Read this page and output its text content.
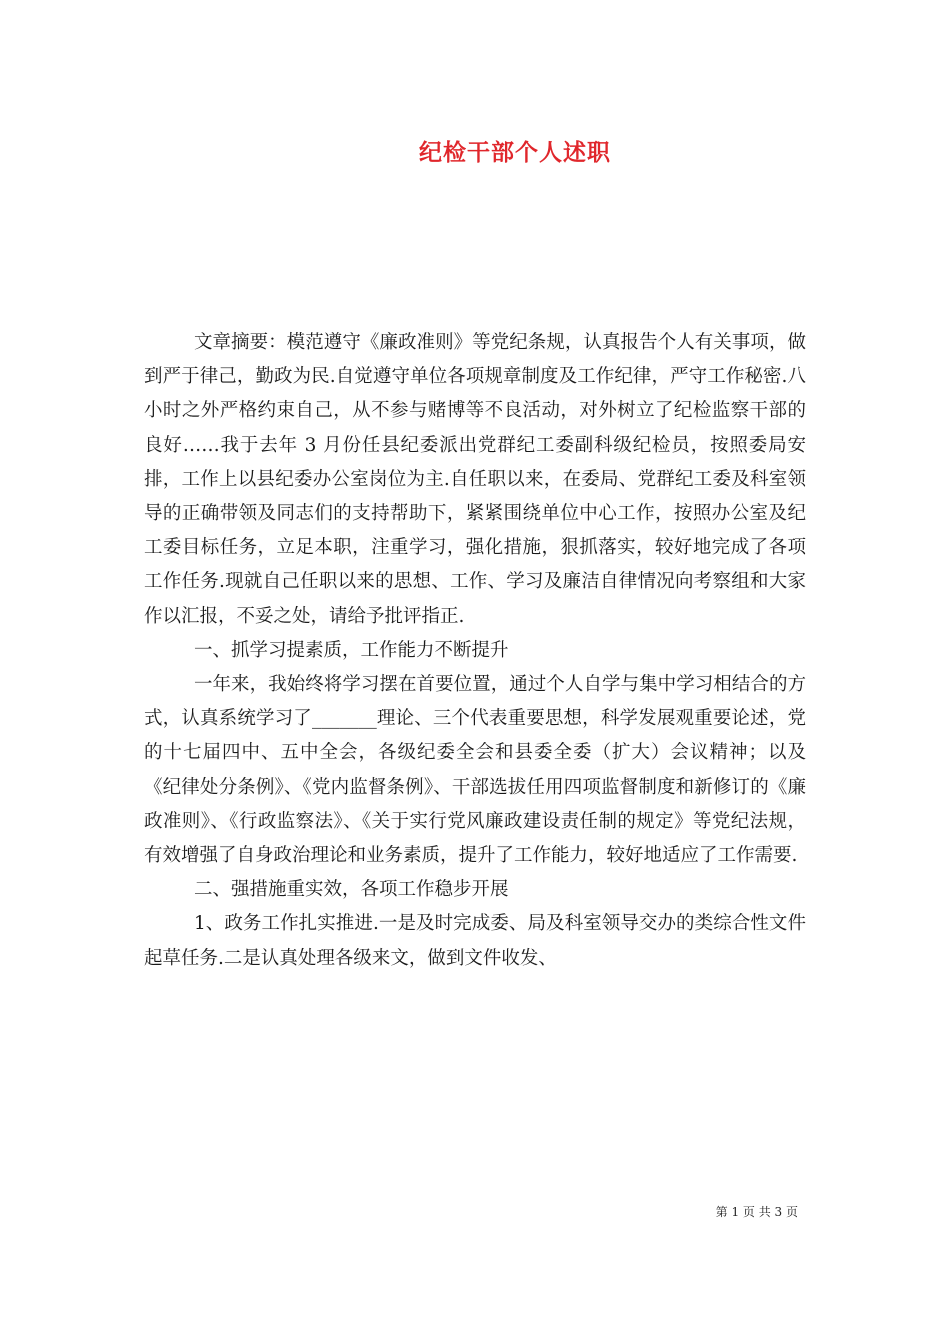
纪检干部个人述职

文章摘要：模范遵守《廉政准则》等党纪条规，认真报告个人有关事项，做到严于律己，勤政为民.自觉遵守单位各项规章制度及工作纪律，严守工作秘密.八小时之外严格约束自己，从不参与赌博等不良活动，对外树立了纪检监察干部的良好……我于去年 3 月份任县纪委派出党群纪工委副科级纪检员，按照委局安排，工作上以县纪委办公室岗位为主.自任职以来，在委局、党群纪工委及科室领导的正确带领及同志们的支持帮助下，紧紧围绕单位中心工作，按照办公室及纪工委目标任务，立足本职，注重学习，强化措施，狠抓落实，较好地完成了各项工作任务.现就自己任职以来的思想、工作、学习及廉洁自律情况向考察组和大家作以汇报，不妥之处，请给予批评指正.

一、抓学习提素质，工作能力不断提升

一年来，我始终将学习摆在首要位置，通过个人自学与集中学习相结合的方式，认真系统学习了_______理论、三个代表重要思想，科学发展观重要论述，党的十七届四中、五中全会，各级纪委全会和县委全委（扩大）会议精神；以及《纪律处分条例》、《党内监督条例》、干部选拔任用四项监督制度和新修订的《廉政准则》、《行政监察法》、《关于实行党风廉政建设责任制的规定》等党纪法规，有效增强了自身政治理论和业务素质，提升了工作能力，较好地适应了工作需要.

二、强措施重实效，各项工作稳步开展

1、政务工作扎实推进.一是及时完成委、局及科室领导交办的类综合性文件起草任务.二是认真处理各级来文，做到文件收发、

第 1 页 共 3 页
